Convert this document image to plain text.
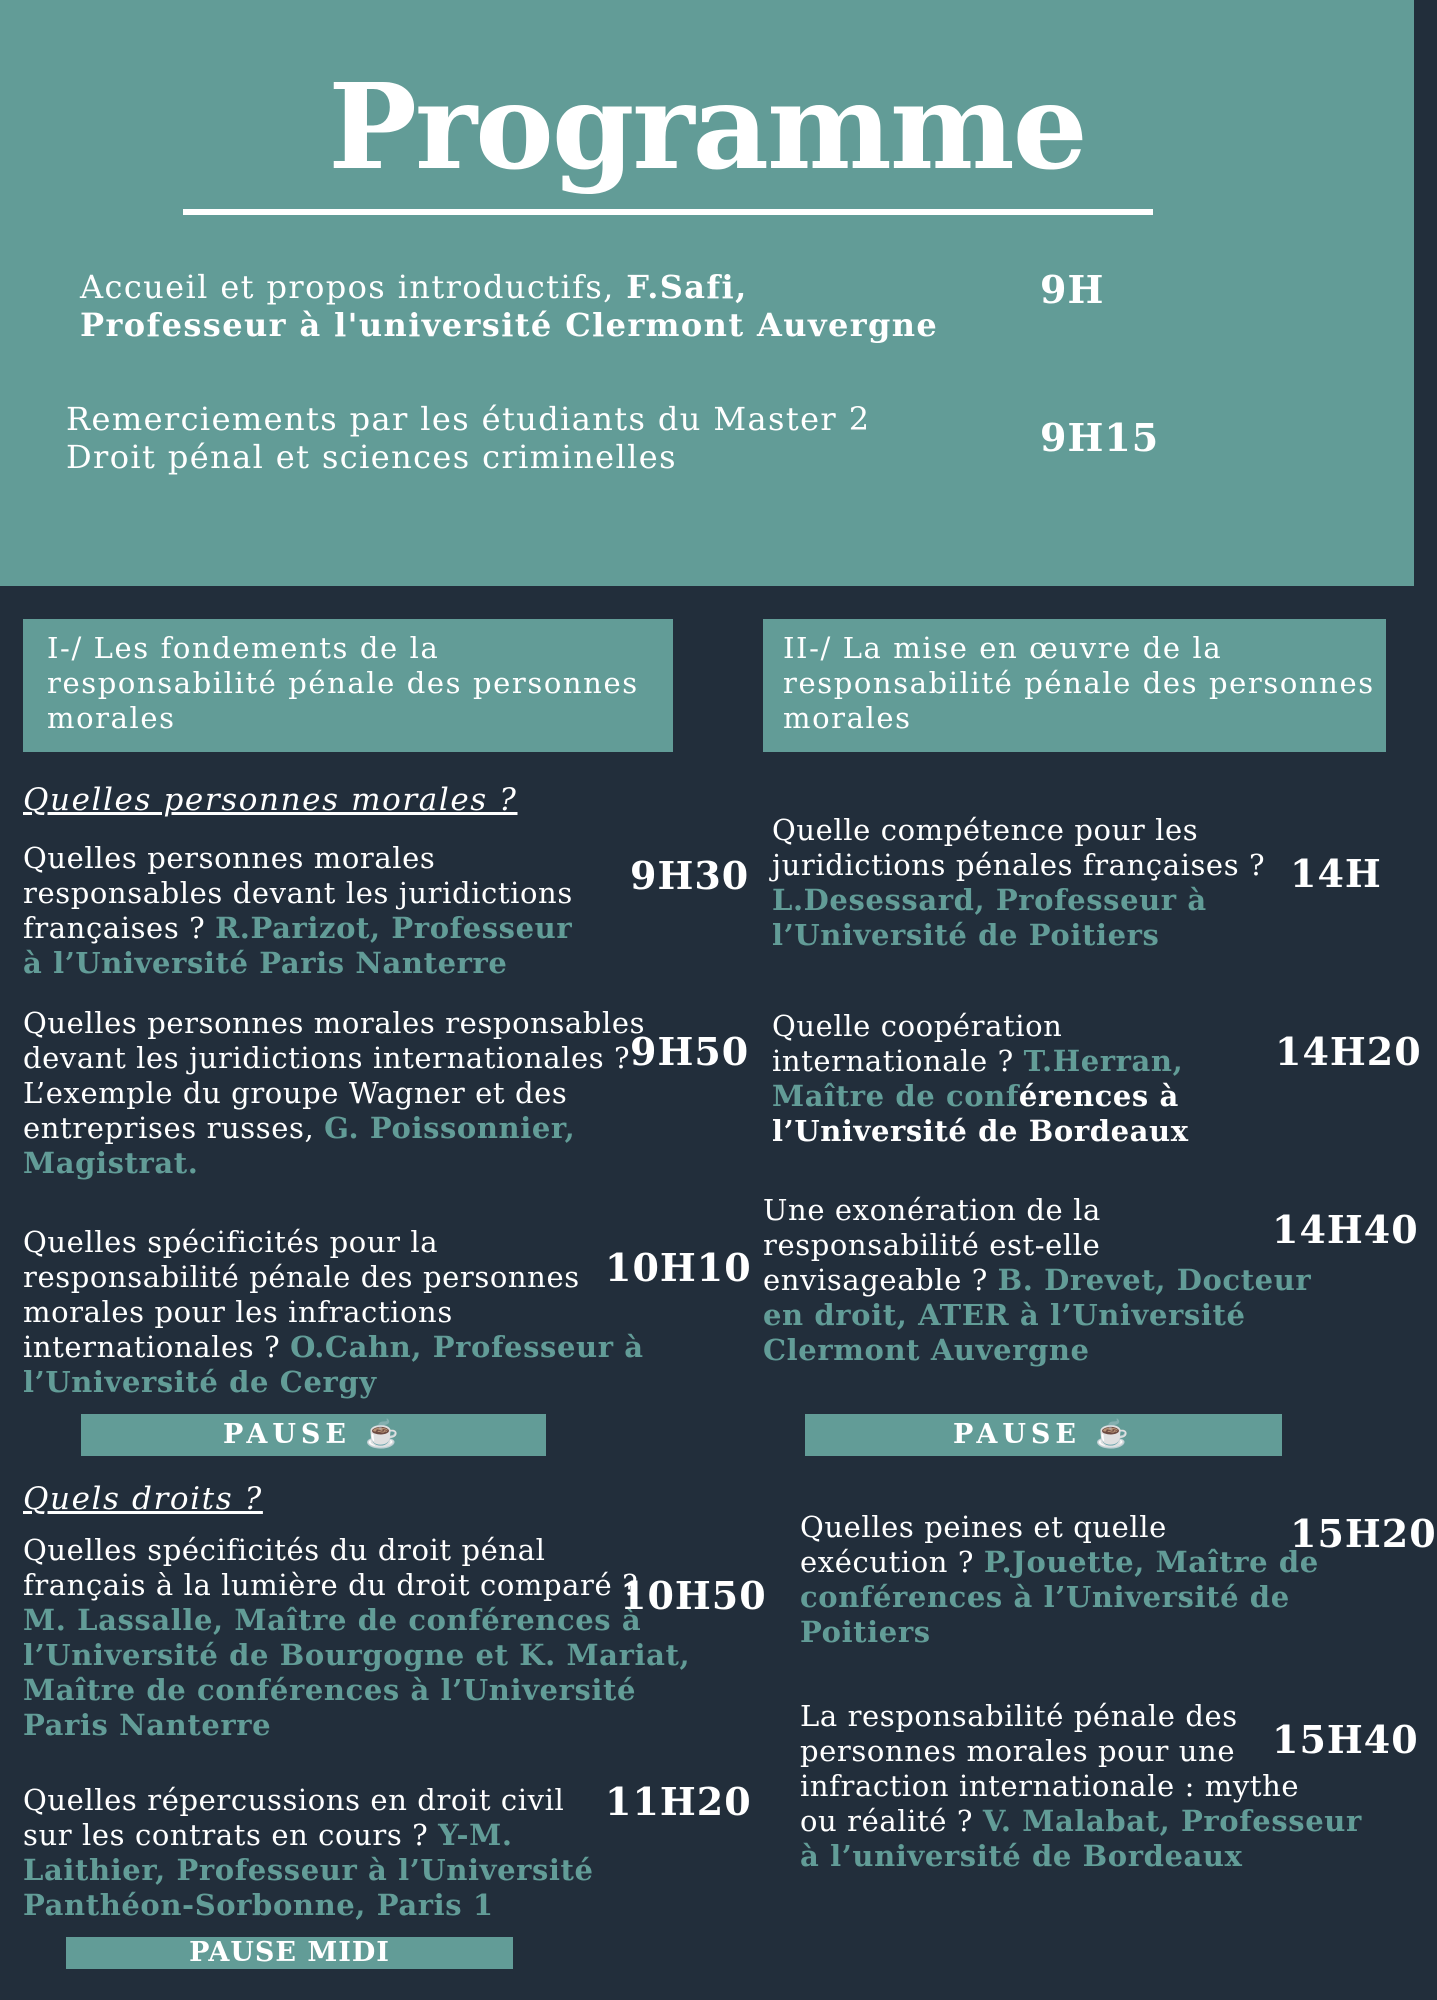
Programme
Accueil et propos introductifs, F.Safi,
Professeur à l'université Clermont Auvergne
9H
Remerciements par les étudiants du Master 2
Droit pénal et sciences criminelles	9H15
I-/ Les fondements de la
responsabilité pénale des personnes
morales
II-/ La mise en œuvre de la
responsabilité pénale des personnes
morales
Quelles personnes morales ?
Quelles personnes morales
responsables devant les juridictions
françaises ? R.Parizot, Professeur
à l’Université Paris Nanterre
9H30
Quelles personnes morales responsables
devant les juridictions internationales ?
L’exemple du groupe Wagner et des
entreprises russes, G. Poissonnier,
Magistrat.
9H50
Quelles spécificités pour la
responsabilité pénale des personnes
morales pour les infractions
internationales ? O.Cahn, Professeur à
l’Université de Cergy
10H10
PAUSE ☕
Quels droits ?
Quelles spécificités du droit pénal
français à la lumière du droit comparé ?
M. Lassalle, Maître de conférences à
l’Université de Bourgogne et K. Mariat,
Maître de conférences à l’Université
Paris Nanterre
10H50
Quelles répercussions en droit civil
sur les contrats en cours ? Y-M.
Laithier, Professeur à l’Université
Panthéon-Sorbonne, Paris 1
11H20
PAUSE MIDI
Quelle compétence pour les
juridictions pénales françaises ?
L.Desessard, Professeur à
l’Université de Poitiers
14H
Quelle coopération
internationale ? T.Herran,
Maître de conférences à
l’Université de Bordeaux
14H20
Une exonération de la
responsabilité est-elle
envisageable ? B. Drevet, Docteur
en droit, ATER à l’Université
Clermont Auvergne
14H40
PAUSE ☕
Quelles peines et quelle
exécution ? P.Jouette, Maître de
conférences à l’Université de
Poitiers
15H20
La responsabilité pénale des
personnes morales pour une
infraction internationale : mythe
ou réalité ? V. Malabat, Professeur
à l’université de Bordeaux
15H40
